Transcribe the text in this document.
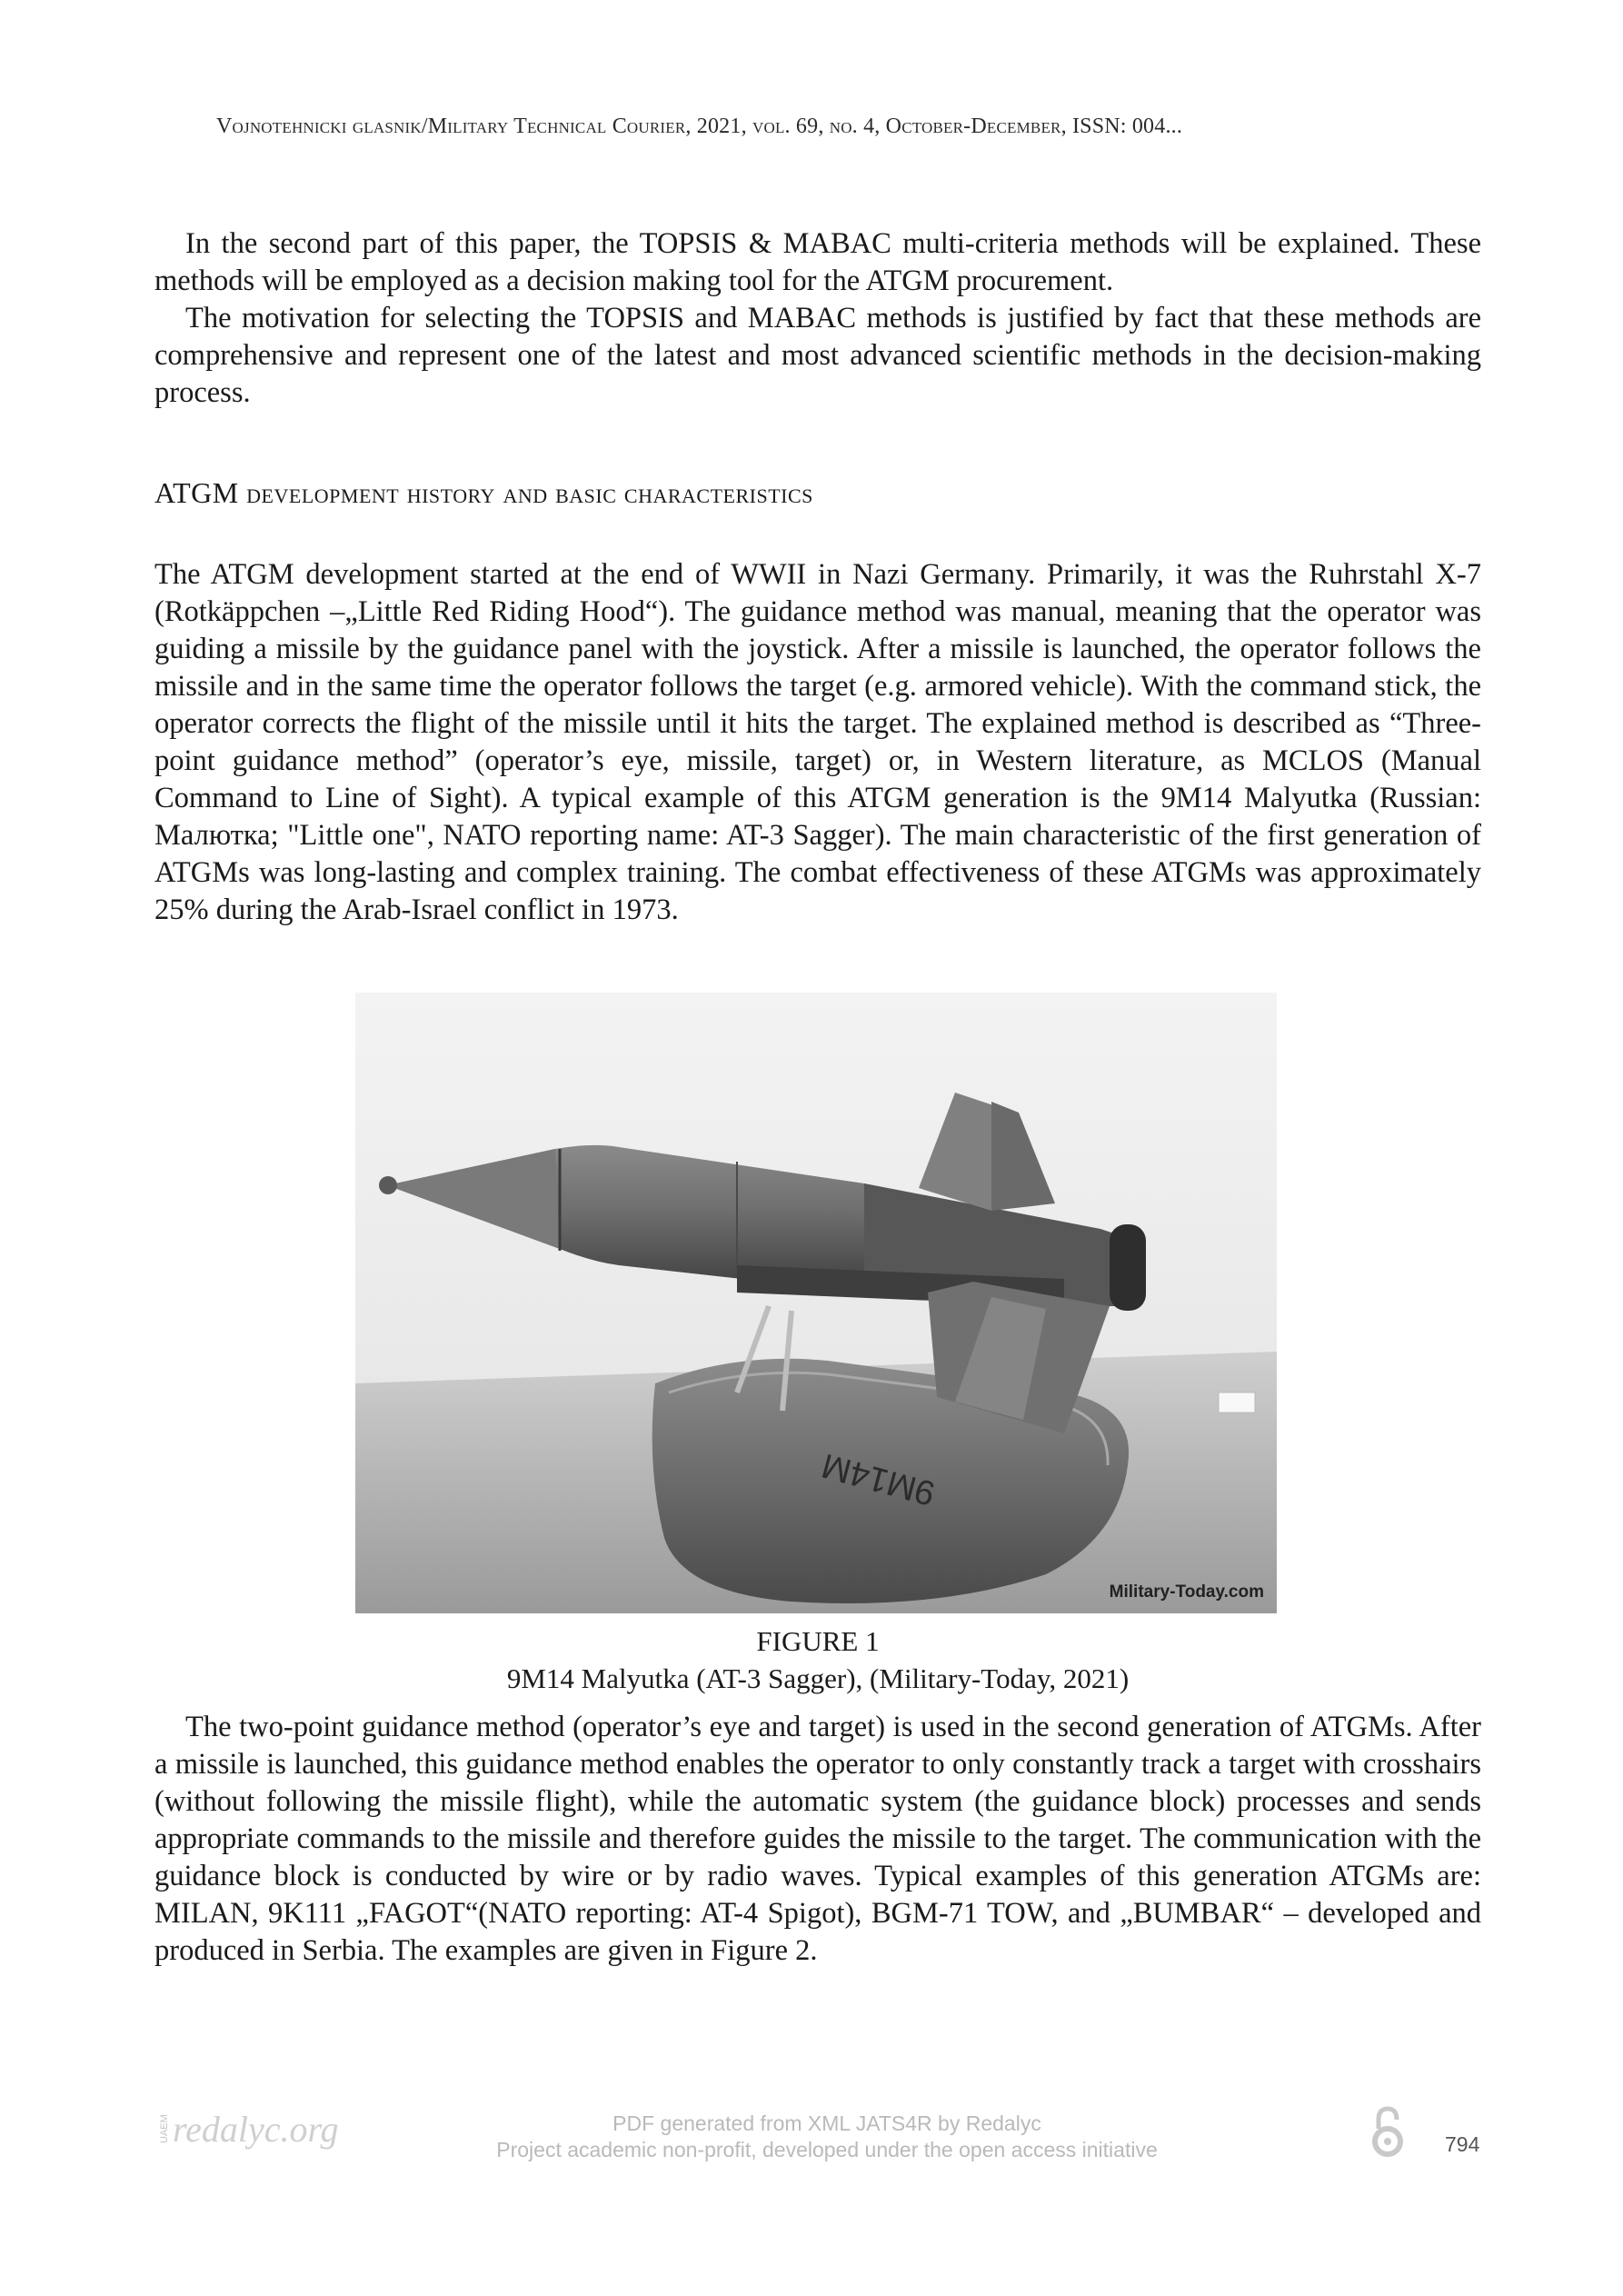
Vojnotehnicki glasnik/Military Technical Courier, 2021, vol. 69, no. 4, October-December, ISSN: 004...

In the second part of this paper, the TOPSIS & MABAC multi-criteria methods will be explained. These methods will be employed as a decision making tool for the ATGM procurement.

The motivation for selecting the TOPSIS and MABAC methods is justified by fact that these methods are comprehensive and represent one of the latest and most advanced scientific methods in the decision-making process.

ATGM development history and basic characteristics

The ATGM development started at the end of WWII in Nazi Germany. Primarily, it was the Ruhrstahl X-7 (Rotkäppchen –„Little Red Riding Hood“). The guidance method was manual, meaning that the operator was guiding a missile by the guidance panel with the joystick. After a missile is launched, the operator follows the missile and in the same time the operator follows the target (e.g. armored vehicle). With the command stick, the operator corrects the flight of the missile until it hits the target. The explained method is described as “Three-point guidance method” (operator’s eye, missile, target) or, in Western literature, as MCLOS (Manual Command to Line of Sight). A typical example of this ATGM generation is the 9M14 Malyutka (Russian: Малютка; "Little one", NATO reporting name: AT-3 Sagger). The main characteristic of the first generation of ATGMs was long-lasting and complex training. The combat effectiveness of these ATGMs was approximately 25% during the Arab-Israel conflict in 1973.

9M14M
Military-Today.com
FIGURE 1
9M14 Malyutka (AT-3 Sagger), (Military-Today, 2021)

The two-point guidance method (operator’s eye and target) is used in the second generation of ATGMs. After a missile is launched, this guidance method enables the operator to only constantly track a target with crosshairs (without following the missile flight), while the automatic system (the guidance block) processes and sends appropriate commands to the missile and therefore guides the missile to the target. The communication with the guidance block is conducted by wire or by radio waves. Typical examples of this generation ATGMs are: MILAN, 9K111 „FAGOT“(NATO reporting: AT-4 Spigot), BGM-71 TOW, and „BUMBAR“ – developed and produced in Serbia. The examples are given in Figure 2.

UAEM redalyc.org	PDF generated from XML JATS4R by Redalyc
Project academic non-profit, developed under the open access initiative	794
